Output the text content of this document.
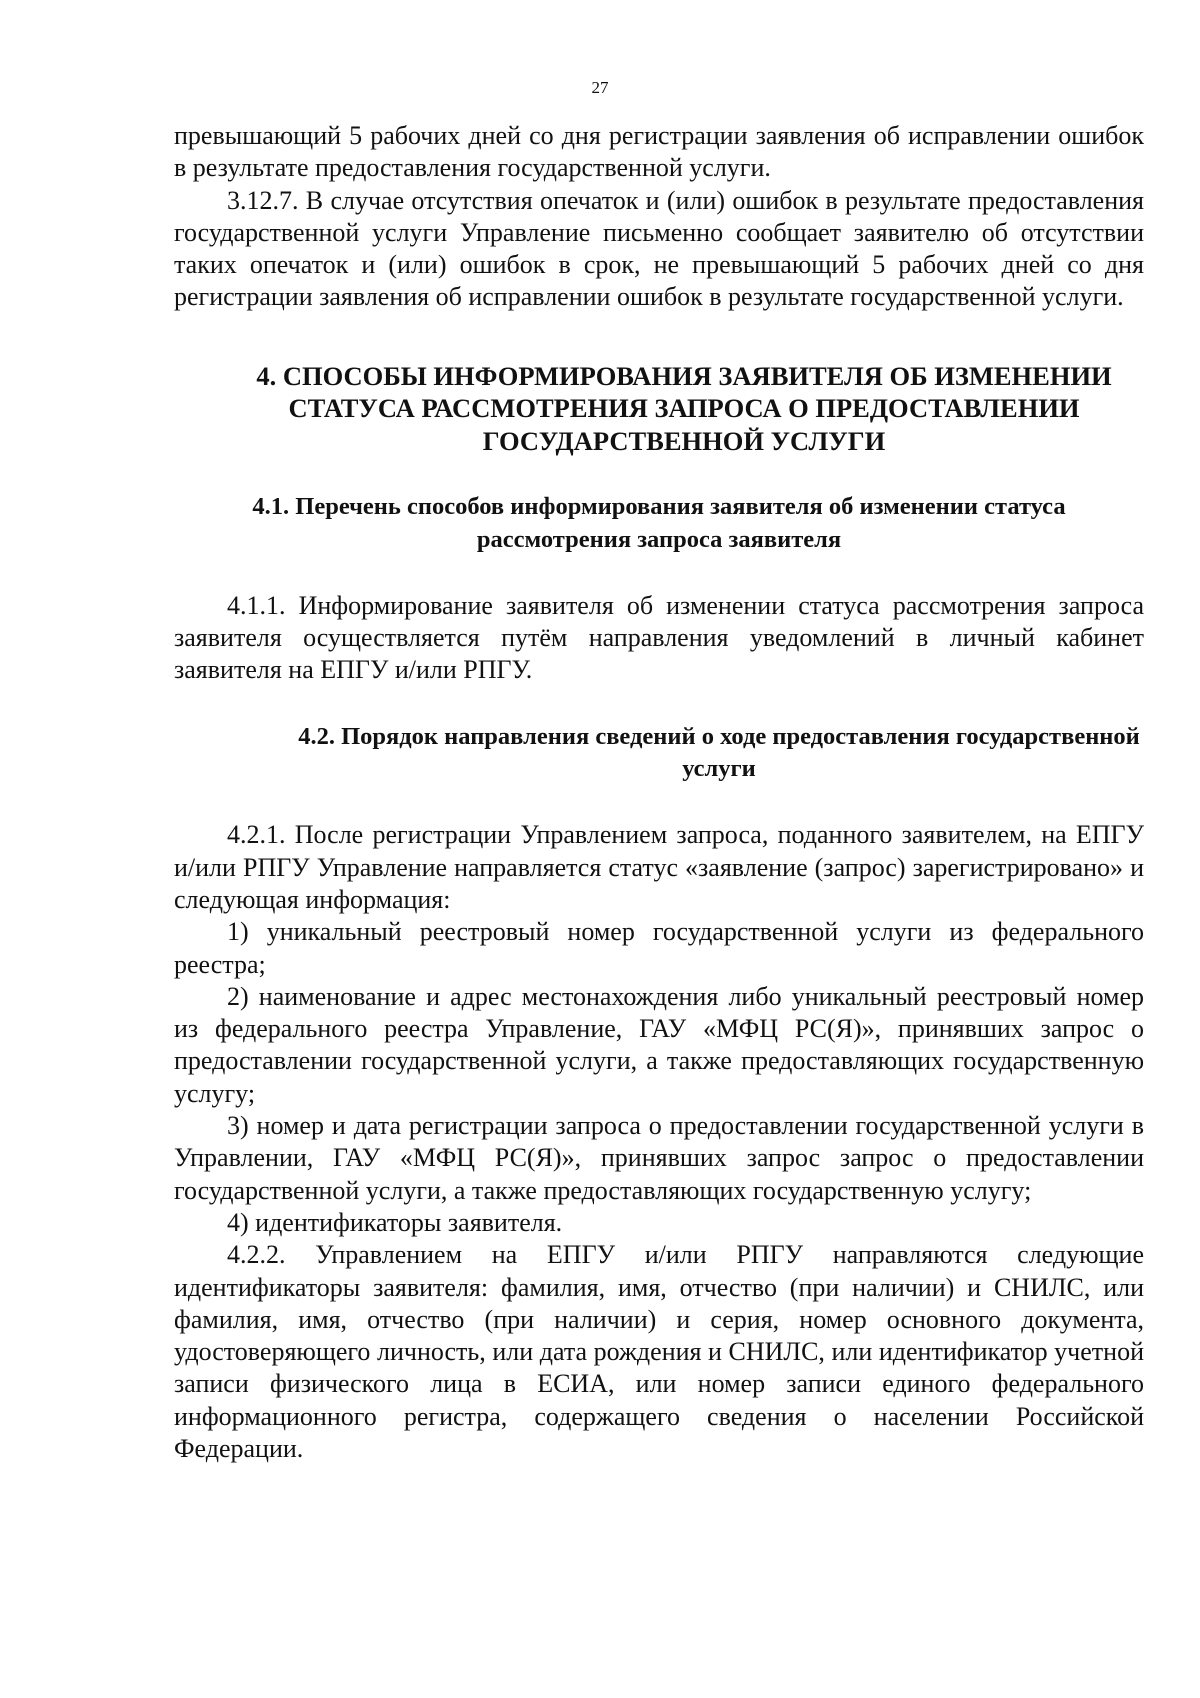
27

превышающий 5 рабочих дней со дня регистрации заявления об исправлении ошибок в результате предоставления государственной услуги.

3.12.7. В случае отсутствия опечаток и (или) ошибок в результате предоставления государственной услуги Управление письменно сообщает заявителю об отсутствии таких опечаток и (или) ошибок в срок, не превышающий 5 рабочих дней со дня регистрации заявления об исправлении ошибок в результате государственной услуги.

4. СПОСОБЫ ИНФОРМИРОВАНИЯ ЗАЯВИТЕЛЯ ОБ ИЗМЕНЕНИИ СТАТУСА РАССМОТРЕНИЯ ЗАПРОСА О ПРЕДОСТАВЛЕНИИ ГОСУДАРСТВЕННОЙ УСЛУГИ
4.1. Перечень способов информирования заявителя об изменении статуса рассмотрения запроса заявителя

4.1.1. Информирование заявителя об изменении статуса рассмотрения запроса заявителя осуществляется путём направления уведомлений в личный кабинет заявителя на ЕПГУ и/или РПГУ.

4.2. Порядок направления сведений о ходе предоставления государственной услуги

4.2.1. После регистрации Управлением запроса, поданного заявителем, на ЕПГУ и/или РПГУ Управление направляется статус «заявление (запрос) зарегистрировано» и следующая информация:

1) уникальный реестровый номер государственной услуги из федерального реестра;

2) наименование и адрес местонахождения либо уникальный реестровый номер из федерального реестра Управление, ГАУ «МФЦ РС(Я)», принявших запрос о предоставлении государственной услуги, а также предоставляющих государственную услугу;

3) номер и дата регистрации запроса о предоставлении государственной услуги в Управлении, ГАУ «МФЦ РС(Я)», принявших запрос запрос о предоставлении государственной услуги, а также предоставляющих государственную услугу;

4) идентификаторы заявителя.

4.2.2. Управлением на ЕПГУ и/или РПГУ направляются следующие идентификаторы заявителя: фамилия, имя, отчество (при наличии) и СНИЛС, или фамилия, имя, отчество (при наличии) и серия, номер основного документа, удостоверяющего личность, или дата рождения и СНИЛС, или идентификатор учетной записи физического лица в ЕСИА, или номер записи единого федерального информационного регистра, содержащего сведения о населении Российской Федерации.
